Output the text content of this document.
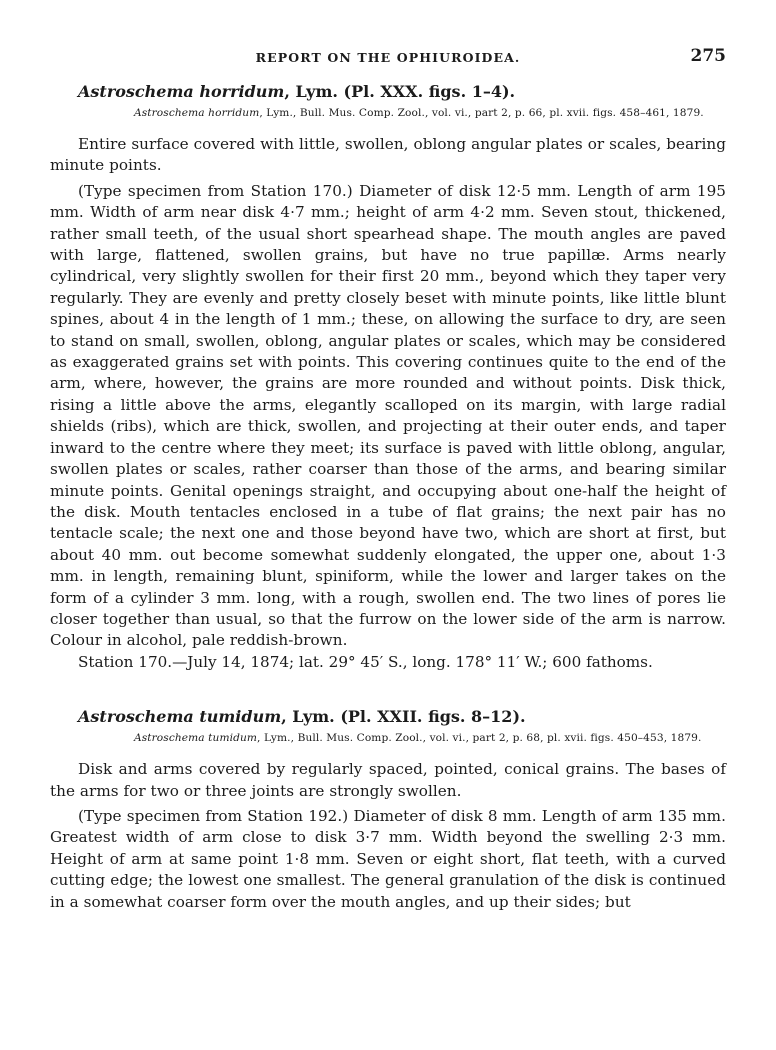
REPORT ON THE OPHIUROIDEA.	275
Astroschema horridum, Lym. (Pl. XXX. figs. 1–4).
Astroschema horridum, Lym., Bull. Mus. Comp. Zool., vol. vi., part 2, p. 66, pl. xvii. figs. 458–461, 1879.

Entire surface covered with little, swollen, oblong angular plates or scales, bearing minute points.

(Type specimen from Station 170.) Diameter of disk 12·5 mm. Length of arm 195 mm. Width of arm near disk 4·7 mm.; height of arm 4·2 mm. Seven stout, thickened, rather small teeth, of the usual short spearhead shape. The mouth angles are paved with large, flattened, swollen grains, but have no true papillæ. Arms nearly cylindrical, very slightly swollen for their first 20 mm., beyond which they taper very regularly. They are evenly and pretty closely beset with minute points, like little blunt spines, about 4 in the length of 1 mm.; these, on allowing the surface to dry, are seen to stand on small, swollen, oblong, angular plates or scales, which may be considered as exaggerated grains set with points. This covering continues quite to the end of the arm, where, however, the grains are more rounded and without points. Disk thick, rising a little above the arms, elegantly scalloped on its margin, with large radial shields (ribs), which are thick, swollen, and projecting at their outer ends, and taper inward to the centre where they meet; its surface is paved with little oblong, angular, swollen plates or scales, rather coarser than those of the arms, and bearing similar minute points. Genital openings straight, and occupying about one-half the height of the disk. Mouth tentacles enclosed in a tube of flat grains; the next pair has no tentacle scale; the next one and those beyond have two, which are short at first, but about 40 mm. out become somewhat suddenly elongated, the upper one, about 1·3 mm. in length, remaining blunt, spiniform, while the lower and larger takes on the form of a cylinder 3 mm. long, with a rough, swollen end. The two lines of pores lie closer together than usual, so that the furrow on the lower side of the arm is narrow. Colour in alcohol, pale reddish-brown.

Station 170.—July 14, 1874; lat. 29° 45′ S., long. 178° 11′ W.; 600 fathoms.

Astroschema tumidum, Lym. (Pl. XXII. figs. 8–12).
Astroschema tumidum, Lym., Bull. Mus. Comp. Zool., vol. vi., part 2, p. 68, pl. xvii. figs. 450–453, 1879.

Disk and arms covered by regularly spaced, pointed, conical grains. The bases of the arms for two or three joints are strongly swollen.

(Type specimen from Station 192.) Diameter of disk 8 mm. Length of arm 135 mm. Greatest width of arm close to disk 3·7 mm. Width beyond the swelling 2·3 mm. Height of arm at same point 1·8 mm. Seven or eight short, flat teeth, with a curved cutting edge; the lowest one smallest. The general granulation of the disk is continued in a somewhat coarser form over the mouth angles, and up their sides; but
